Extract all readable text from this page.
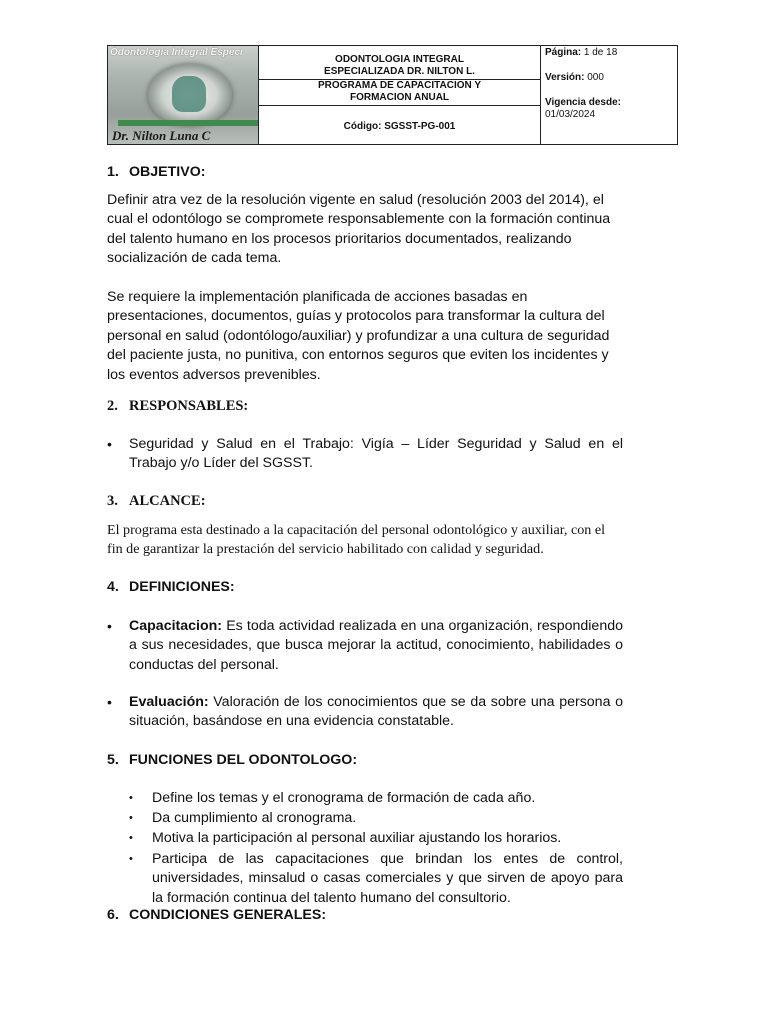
Odontología Integral Especi
Dr. Nilton Luna C
ODONTOLOGIA INTEGRAL
ESPECIALIZADA DR. NILTON L.
PROGRAMA DE CAPACITACION Y
FORMACION ANUAL
Código: SGSST-PG-001
Página: 1 de 18
Versión: 000
Vigencia desde:
01/03/2024
1. OBJETIVO:

Definir atra vez de la resolución vigente en salud (resolución 2003 del 2014), el cual el odontólogo se compromete responsablemente con la formación continua del talento humano en los procesos prioritarios documentados, realizando socialización de cada tema.

Se requiere la implementación planificada de acciones basadas en presentaciones, documentos, guías y protocolos para transformar la cultura del personal en salud (odontólogo/auxiliar) y profundizar a una cultura de seguridad del paciente justa, no punitiva, con entornos seguros que eviten los incidentes y los eventos adversos prevenibles.

2. RESPONSABLES:
• Seguridad y Salud en el Trabajo: Vigía – Líder Seguridad y Salud en el Trabajo y/o Líder del SGSST.
3. ALCANCE:

El programa esta destinado a la capacitación del personal odontológico y auxiliar, con el fin de garantizar la prestación del servicio habilitado con calidad y seguridad.

4. DEFINICIONES:
• Capacitacion: Es toda actividad realizada en una organización, respondiendo a sus necesidades, que busca mejorar la actitud, conocimiento, habilidades o conductas del personal.
• Evaluación: Valoración de los conocimientos que se da sobre una persona o situación, basándose en una evidencia constatable.
5. FUNCIONES DEL ODONTOLOGO:
• Define los temas y el cronograma de formación de cada año.
• Da cumplimiento al cronograma.
• Motiva la participación al personal auxiliar ajustando los horarios.
• Participa de las capacitaciones que brindan los entes de control, universidades, minsalud o casas comerciales y que sirven de apoyo para la formación continua del talento humano del consultorio.
6. CONDICIONES GENERALES:
